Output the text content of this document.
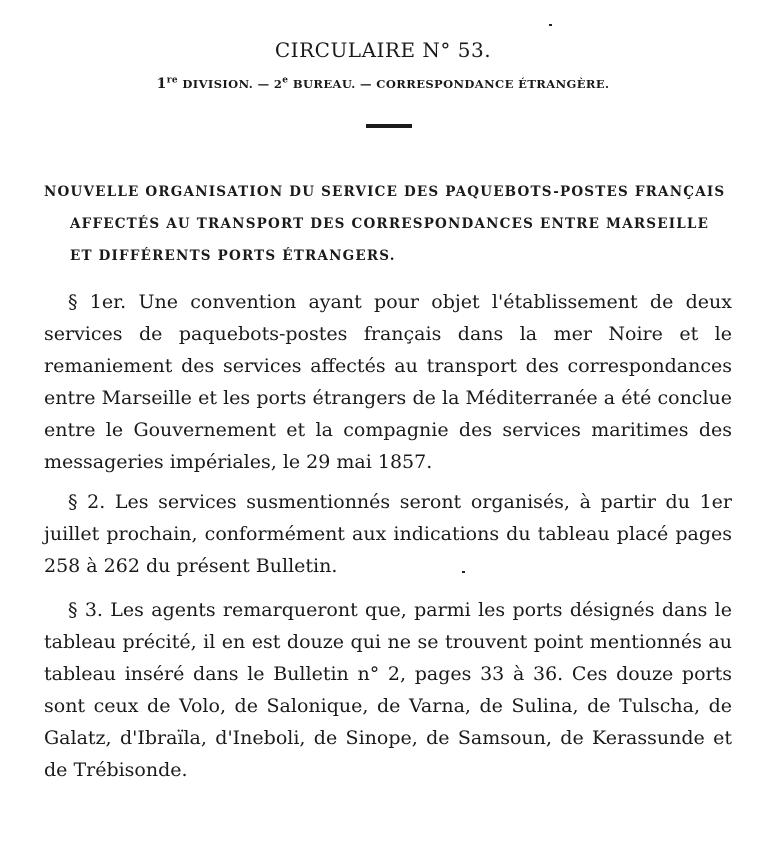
CIRCULAIRE N° 53.
1re DIVISION. — 2e BUREAU. — CORRESPONDANCE ÉTRANGÈRE.
NOUVELLE ORGANISATION DU SERVICE DES PAQUEBOTS-POSTES FRANÇAIS
AFFECTÉS AU TRANSPORT DES CORRESPONDANCES ENTRE MARSEILLE
ET DIFFÉRENTS PORTS ÉTRANGERS.
§ 1er. Une convention ayant pour objet l'établissement de deux services de paquebots-postes français dans la mer Noire et le remaniement des services affectés au transport des correspondances entre Marseille et les ports étrangers de la Méditerranée a été conclue entre le Gouvernement et la compagnie des services maritimes des messageries impériales, le 29 mai 1857.
§ 2. Les services susmentionnés seront organisés, à partir du 1er juillet prochain, conformément aux indications du tableau placé pages 258 à 262 du présent Bulletin.
§ 3. Les agents remarqueront que, parmi les ports désignés dans le tableau précité, il en est douze qui ne se trouvent point mentionnés au tableau inséré dans le Bulletin n° 2, pages 33 à 36. Ces douze ports sont ceux de Volo, de Salonique, de Varna, de Sulina, de Tulscha, de Galatz, d'Ibraïla, d'Ineboli, de Sinope, de Samsoun, de Kerassunde et de Trébisonde.
